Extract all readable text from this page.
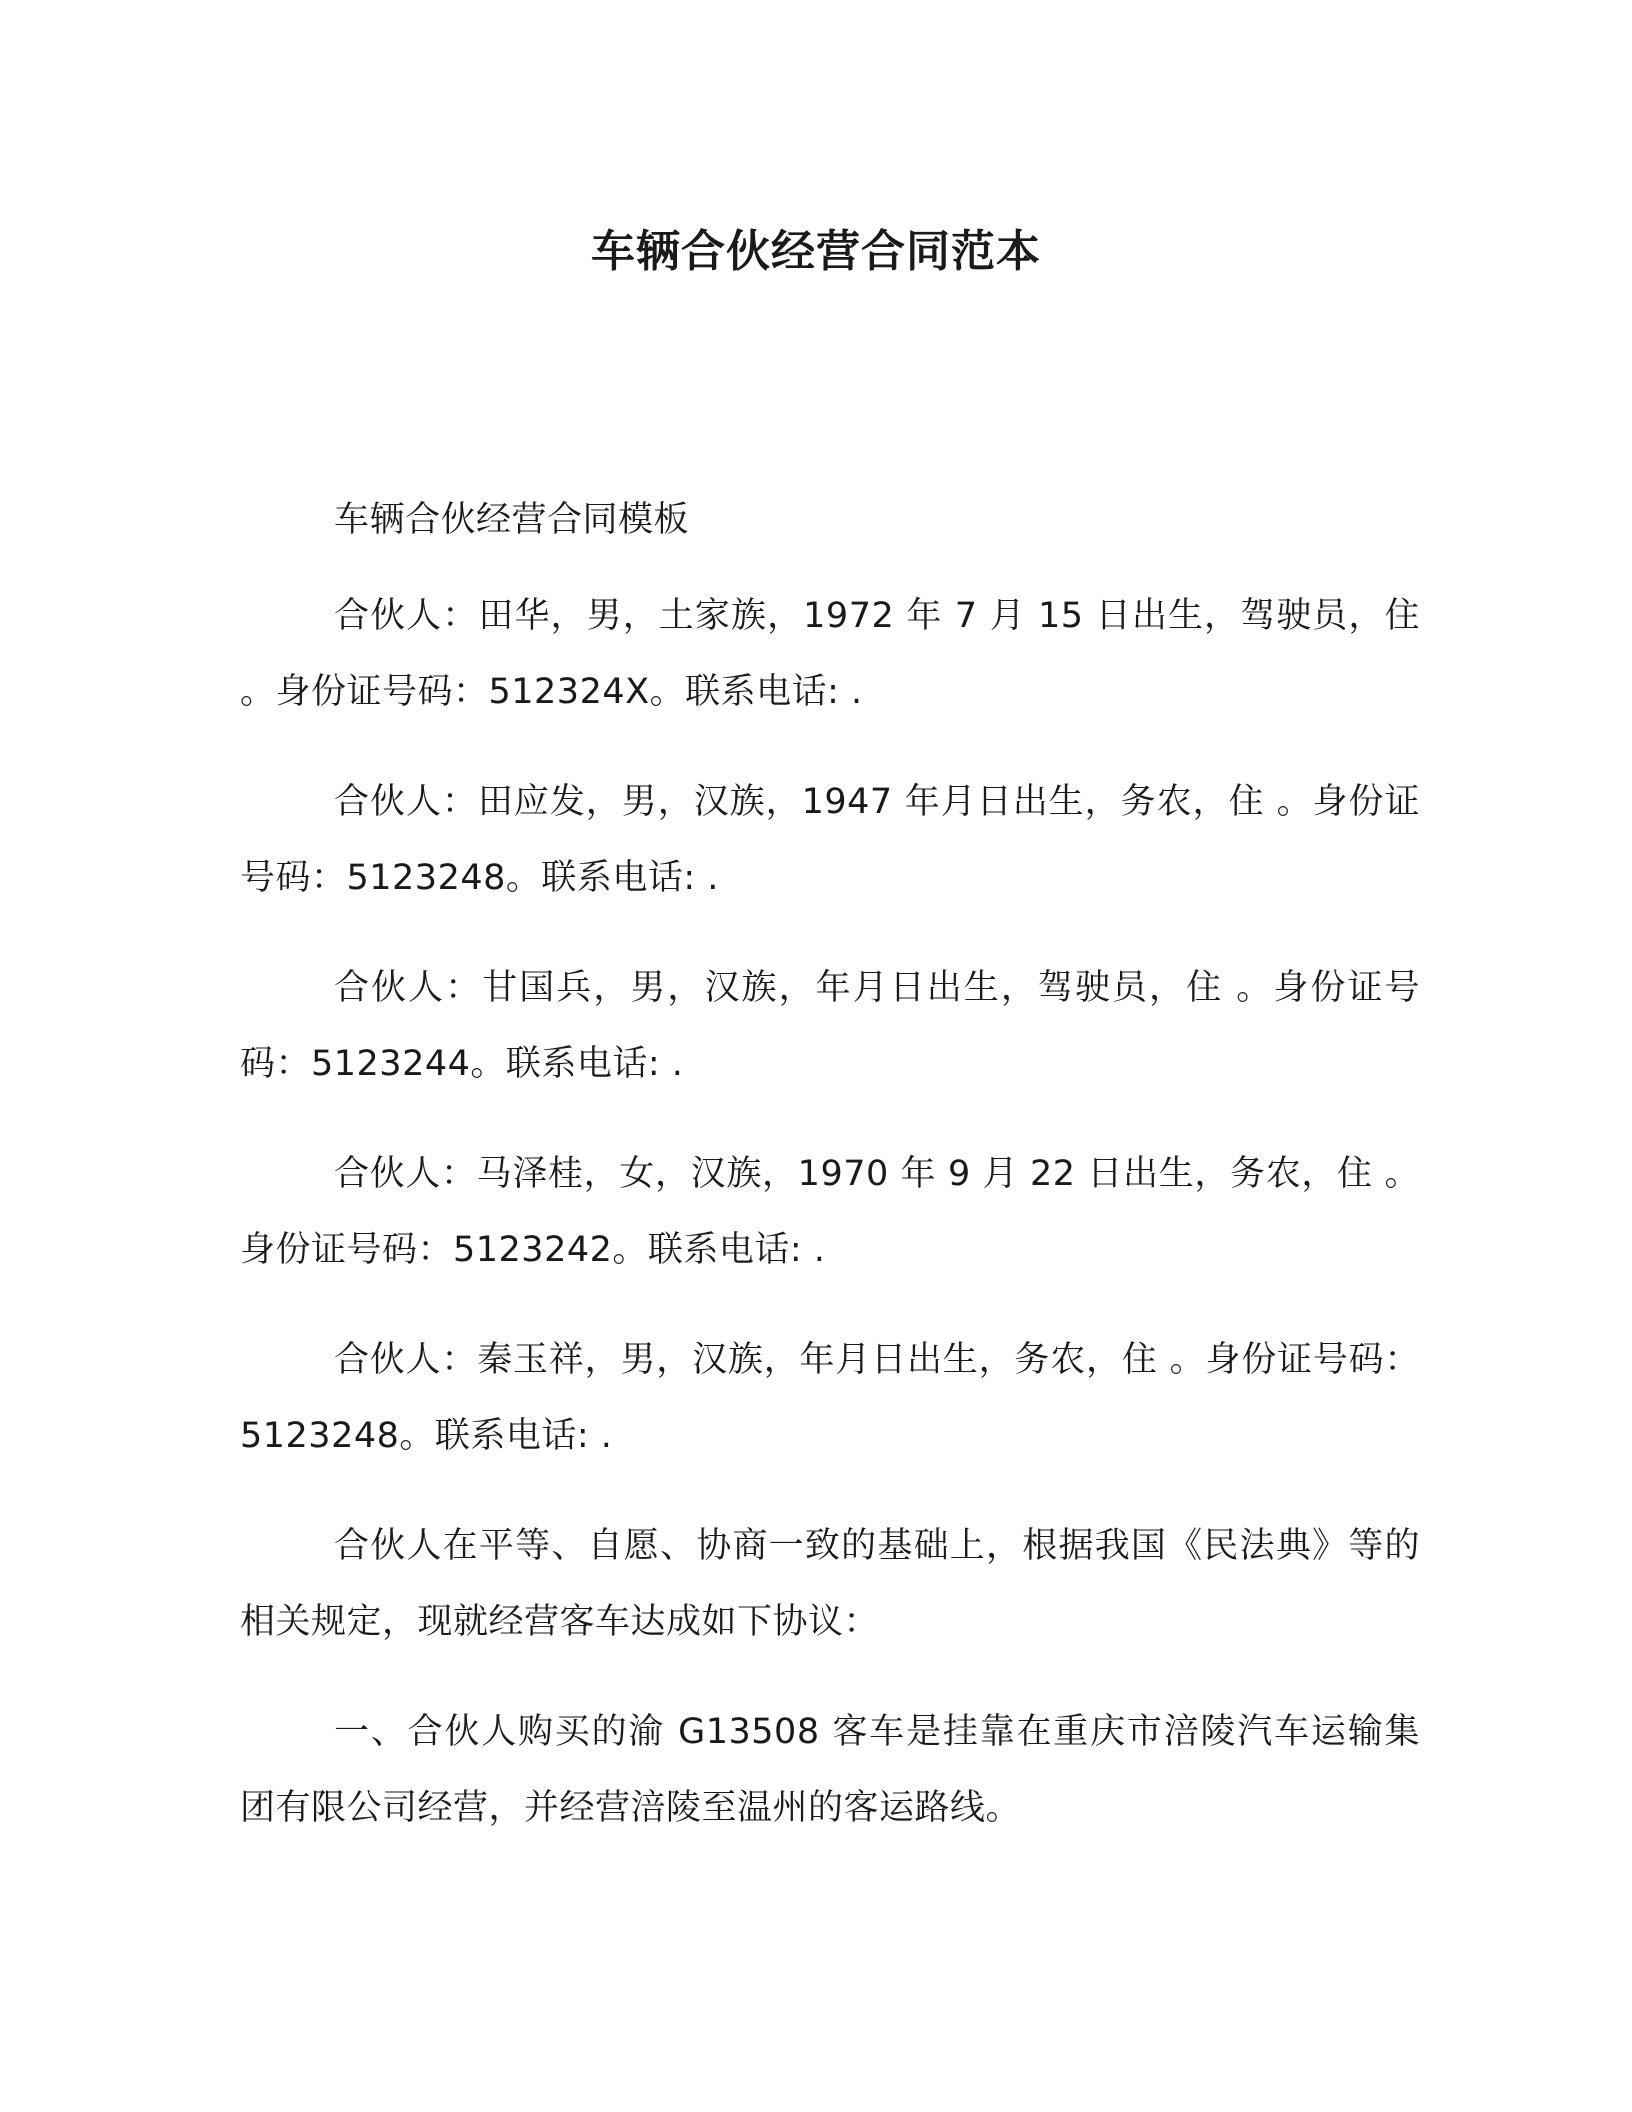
车辆合伙经营合同范本

车辆合伙经营合同模板

合伙人：田华，男，土家族，1972 年 7 月 15 日出生，驾驶员，住 。身份证号码：512324X。联系电话: .

合伙人：田应发，男，汉族，1947 年月日出生，务农，住 。身份证号码：5123248。联系电话: .

合伙人：甘国兵，男，汉族，年月日出生，驾驶员，住 。身份证号码：5123244。联系电话: .

合伙人：马泽桂，女，汉族，1970 年 9 月 22 日出生，务农，住 。身份证号码：5123242。联系电话: .

合伙人：秦玉祥，男，汉族，年月日出生，务农，住 。身份证号码：5123248。联系电话: .

合伙人在平等、自愿、协商一致的基础上，根据我国《民法典》等的相关规定，现就经营客车达成如下协议：

一、合伙人购买的渝 G13508 客车是挂靠在重庆市涪陵汽车运输集团有限公司经营，并经营涪陵至温州的客运路线。
